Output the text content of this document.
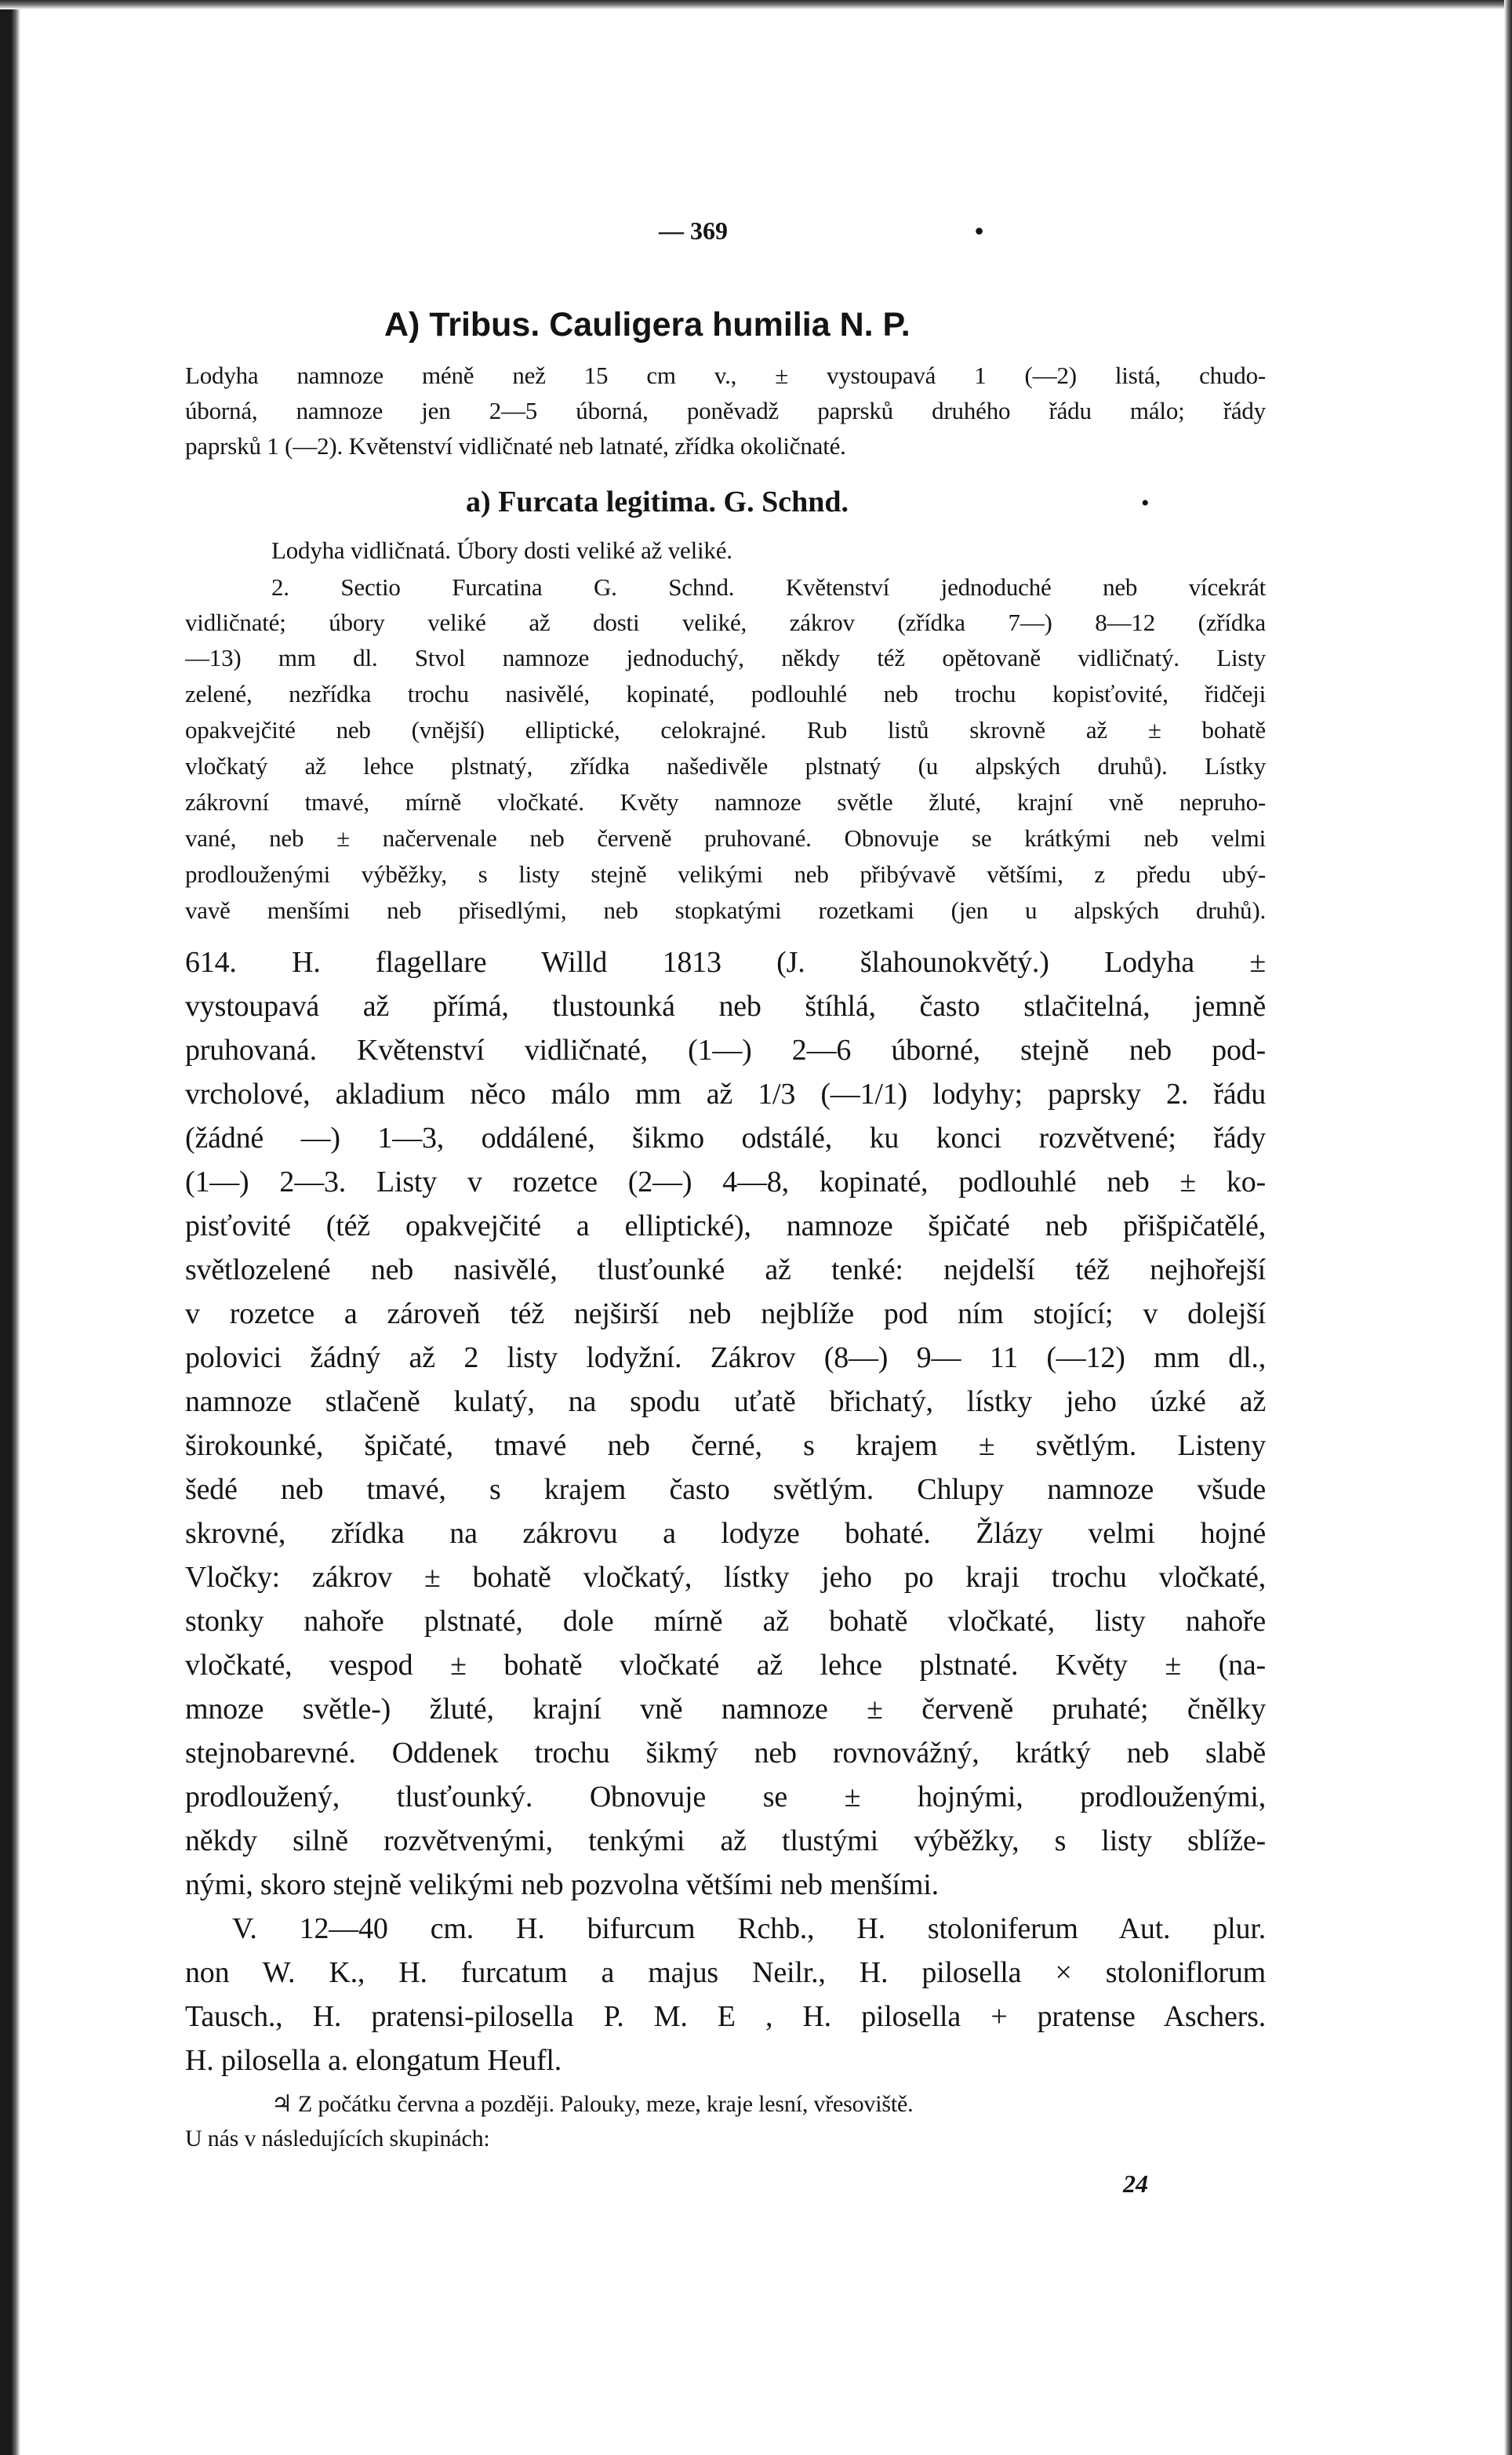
— 369	•
A) Tribus. Cauligera humilia N. P.
Lodyha namnoze méně než 15 cm v., ± vystoupavá 1 (—2) listá, chudo-
úborná, namnoze jen 2—5 úborná, poněvadž paprsků druhého řádu málo; řády
paprsků 1 (—2). Květenství vidličnaté neb latnaté, zřídka okoličnaté.
a) Furcata legitima. G. Schnd.	•
Lodyha vidličnatá. Úbory dosti veliké až veliké.
2. Sectio Furcatina G. Schnd. Květenství jednoduché neb vícekrát
vidličnaté; úbory veliké až dosti veliké, zákrov (zřídka 7—) 8—12 (zřídka
—13) mm dl. Stvol namnoze jednoduchý, někdy též opětovaně vidličnatý. Listy
zelené, nezřídka trochu nasivělé, kopinaté, podlouhlé neb trochu kopisťovité, řidčeji
opakvejčité neb (vnější) elliptické, celokrajné. Rub listů skrovně až ± bohatě
vločkatý až lehce plstnatý, zřídka našedivěle plstnatý (u alpských druhů). Lístky
zákrovní tmavé, mírně vločkaté. Květy namnoze světle žluté, krajní vně nepruho-
vané, neb ± načervenale neb červeně pruhované. Obnovuje se krátkými neb velmi
prodlouženými výběžky, s listy stejně velikými neb přibývavě většími, z předu ubý-
vavě menšími neb přisedlými, neb stopkatými rozetkami (jen u alpských druhů).
614. H. flagellare Willd 1813 (J. šlahounokvětý.) Lodyha ±
vystoupavá až přímá, tlustounká neb štíhlá, často stlačitelná, jemně
pruhovaná. Květenství vidličnaté, (1—) 2—6 úborné, stejně neb pod-
vrcholové, akladium něco málo mm až 1/3 (—1/1) lodyhy; paprsky 2. řádu
(žádné —) 1—3, oddálené, šikmo odstálé, ku konci rozvětvené; řády
(1—) 2—3. Listy v rozetce (2—) 4—8, kopinaté, podlouhlé neb ± ko-
pisťovité (též opakvejčité a elliptické), namnoze špičaté neb přišpičatělé,
světlozelené neb nasivělé, tlusťounké až tenké: nejdelší též nejhořejší
v rozetce a zároveň též nejširší neb nejblíže pod ním stojící; v dolejší
polovici žádný až 2 listy lodyžní. Zákrov (8—) 9— 11 (—12) mm dl.,
namnoze stlačeně kulatý, na spodu uťatě břichatý, lístky jeho úzké až
širokounké, špičaté, tmavé neb černé, s krajem ± světlým. Listeny
šedé neb tmavé, s krajem často světlým. Chlupy namnoze všude
skrovné, zřídka na zákrovu a lodyze bohaté. Žlázy velmi hojné
Vločky: zákrov ± bohatě vločkatý, lístky jeho po kraji trochu vločkaté,
stonky nahoře plstnaté, dole mírně až bohatě vločkaté, listy nahoře
vločkaté, vespod ± bohatě vločkaté až lehce plstnaté. Květy ± (na-
mnoze světle-) žluté, krajní vně namnoze ± červeně pruhaté; čnělky
stejnobarevné. Oddenek trochu šikmý neb rovnovážný, krátký neb slabě
prodloužený, tlusťounký. Obnovuje se ± hojnými, prodlouženými,
někdy silně rozvětvenými, tenkými až tlustými výběžky, s listy sblíže-
nými, skoro stejně velikými neb pozvolna většími neb menšími.
V. 12—40 cm. H. bifurcum Rchb., H. stoloniferum Aut. plur.
non W. K., H. furcatum a majus Neilr., H. pilosella × stoloniflorum
Tausch., H. pratensi-pilosella P. M. E , H. pilosella + pratense Aschers.
H. pilosella a. elongatum Heufl.
♃ Z počátku června a později. Palouky, meze, kraje lesní, vřesoviště.
U nás v následujících skupinách:
24
